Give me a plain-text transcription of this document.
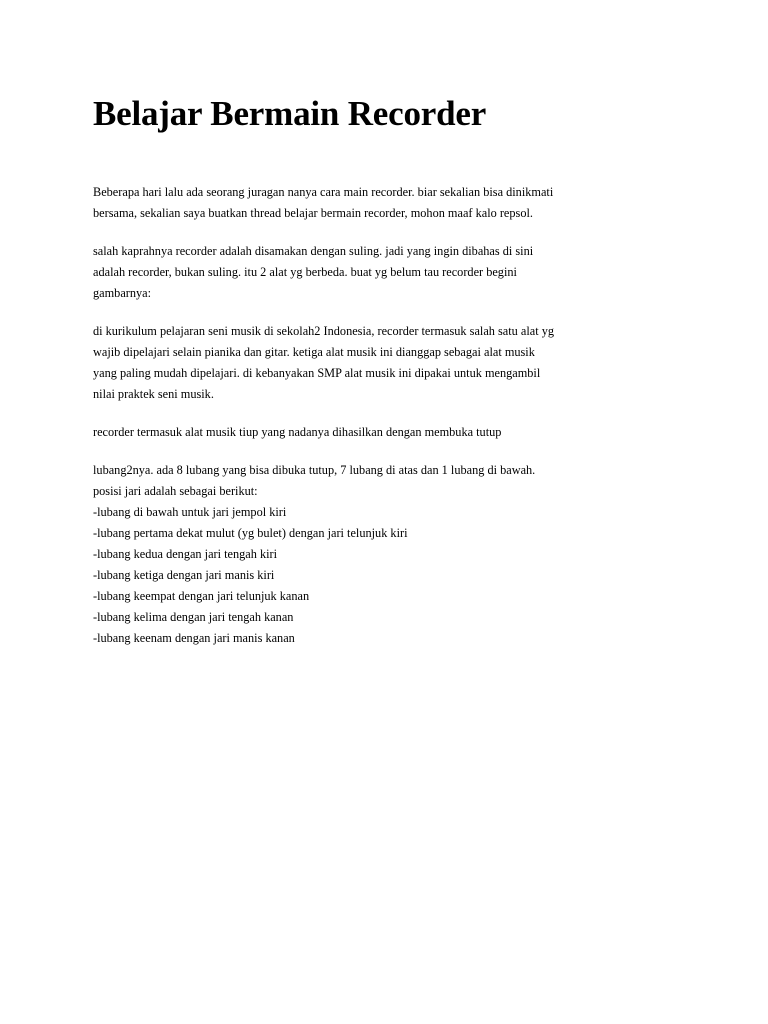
Belajar Bermain Recorder

Beberapa hari lalu ada seorang juragan nanya cara main recorder. biar sekalian bisa dinikmati
bersama, sekalian saya buatkan thread belajar bermain recorder, mohon maaf kalo repsol.

salah kaprahnya recorder adalah disamakan dengan suling. jadi yang ingin dibahas di sini
adalah recorder, bukan suling. itu 2 alat yg berbeda. buat yg belum tau recorder begini
gambarnya:

di kurikulum pelajaran seni musik di sekolah2 Indonesia, recorder termasuk salah satu alat yg
wajib dipelajari selain pianika dan gitar. ketiga alat musik ini dianggap sebagai alat musik
yang paling mudah dipelajari. di kebanyakan SMP alat musik ini dipakai untuk mengambil
nilai praktek seni musik.

recorder termasuk alat musik tiup yang nadanya dihasilkan dengan membuka tutup

lubang2nya. ada 8 lubang yang bisa dibuka tutup, 7 lubang di atas dan 1 lubang di bawah.
posisi jari adalah sebagai berikut:

-lubang di bawah untuk jari jempol kiri
-lubang pertama dekat mulut (yg bulet) dengan jari telunjuk kiri
-lubang kedua dengan jari tengah kiri
-lubang ketiga dengan jari manis kiri
-lubang keempat dengan jari telunjuk kanan
-lubang kelima dengan jari tengah kanan
-lubang keenam dengan jari manis kanan
